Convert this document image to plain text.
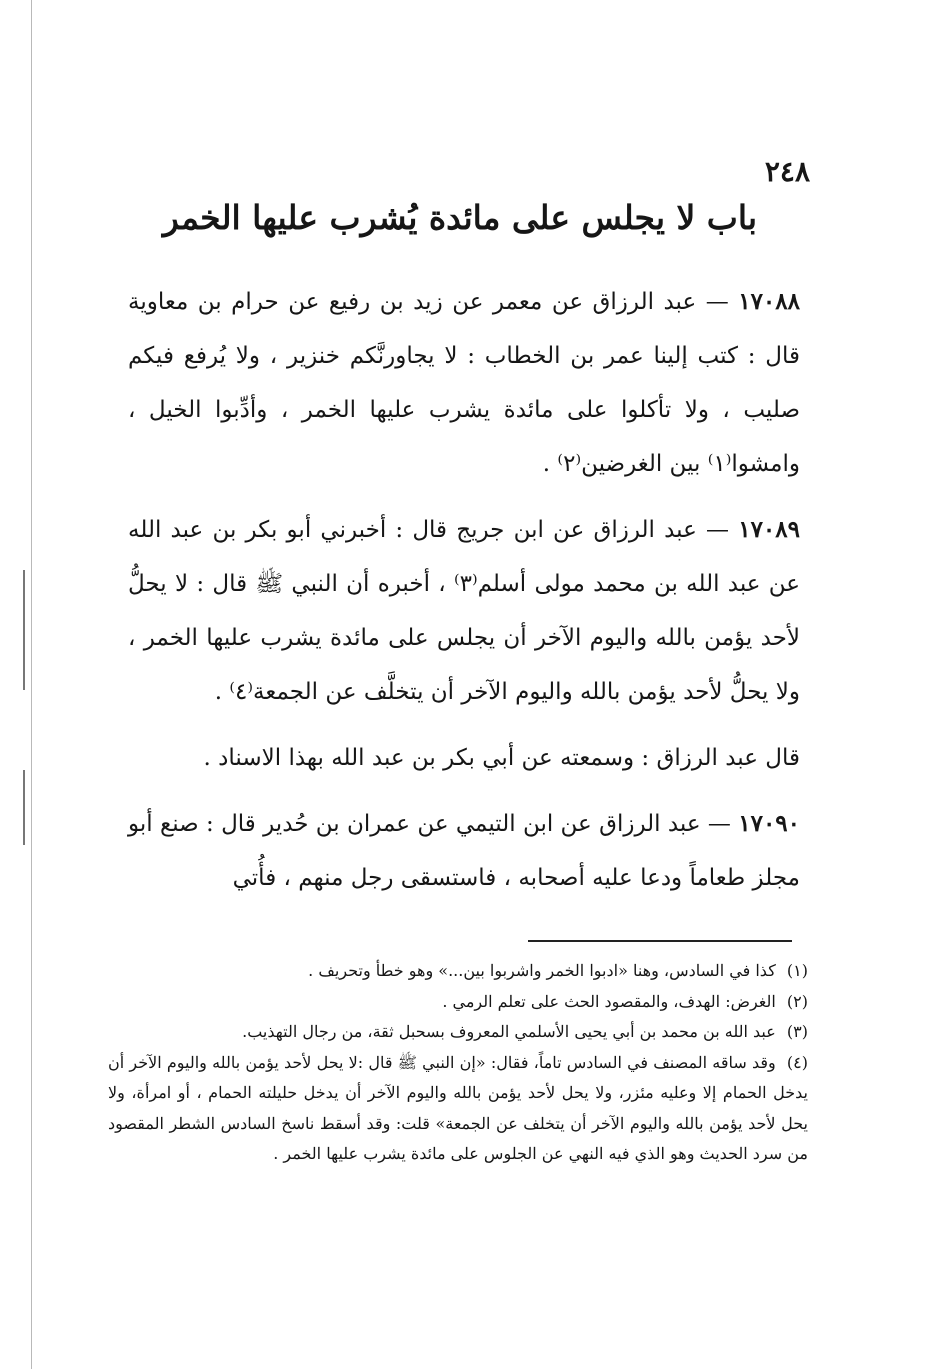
٢٤٨
باب لا يجلس على مائدة يُشرب عليها الخمر

١٧٠٨٨ — عبد الرزاق عن معمر عن زيد بن رفيع عن حرام بن معاوية قال : كتب إلينا عمر بن الخطاب : لا يجاورنَّكم خنزير ، ولا يُرفع فيكم صليب ، ولا تأكلوا على مائدة يشرب عليها الخمر ، وأدِّبوا الخيل ، وامشوا⁽١⁾ بين الغرضين⁽٢⁾ .

١٧٠٨٩ — عبد الرزاق عن ابن جريج قال : أخبرني أبو بكر بن عبد الله عن عبد الله بن محمد مولى أسلم⁽٣⁾ ، أخبره أن النبي ﷺ قال : لا يحلُّ لأحد يؤمن بالله واليوم الآخر أن يجلس على مائدة يشرب عليها الخمر ، ولا يحلُّ لأحد يؤمن بالله واليوم الآخر أن يتخلَّف عن الجمعة⁽٤⁾ .

قال عبد الرزاق : وسمعته عن أبي بكر بن عبد الله بهذا الاسناد .

١٧٠٩٠ — عبد الرزاق عن ابن التيمي عن عمران بن حُدير قال : صنع أبو مجلز طعاماً ودعا عليه أصحابه ، فاستسقى رجل منهم ، فأُتي

(١) كذا في السادس، وهنا «ادبوا الخمر واشربوا بين...» وهو خطأ وتحريف .

(٢) الغرض: الهدف، والمقصود الحث على تعلم الرمي .

(٣) عبد الله بن محمد بن أبي يحيى الأسلمي المعروف بسحبل ثقة، من رجال التهذيب.

(٤) وقد ساقه المصنف في السادس تاماً، فقال: «إن النبي ﷺ قال :لا يحل لأحد يؤمن بالله واليوم الآخر أن يدخل الحمام إلا وعليه مئزر، ولا يحل لأحد يؤمن بالله واليوم الآخر أن يدخل حليلته الحمام ، أو امرأة، ولا يحل لأحد يؤمن بالله واليوم الآخر أن يتخلف عن الجمعة» قلت: وقد أسقط ناسخ السادس الشطر المقصود من سرد الحديث وهو الذي فيه النهي عن الجلوس على مائدة يشرب عليها الخمر .
